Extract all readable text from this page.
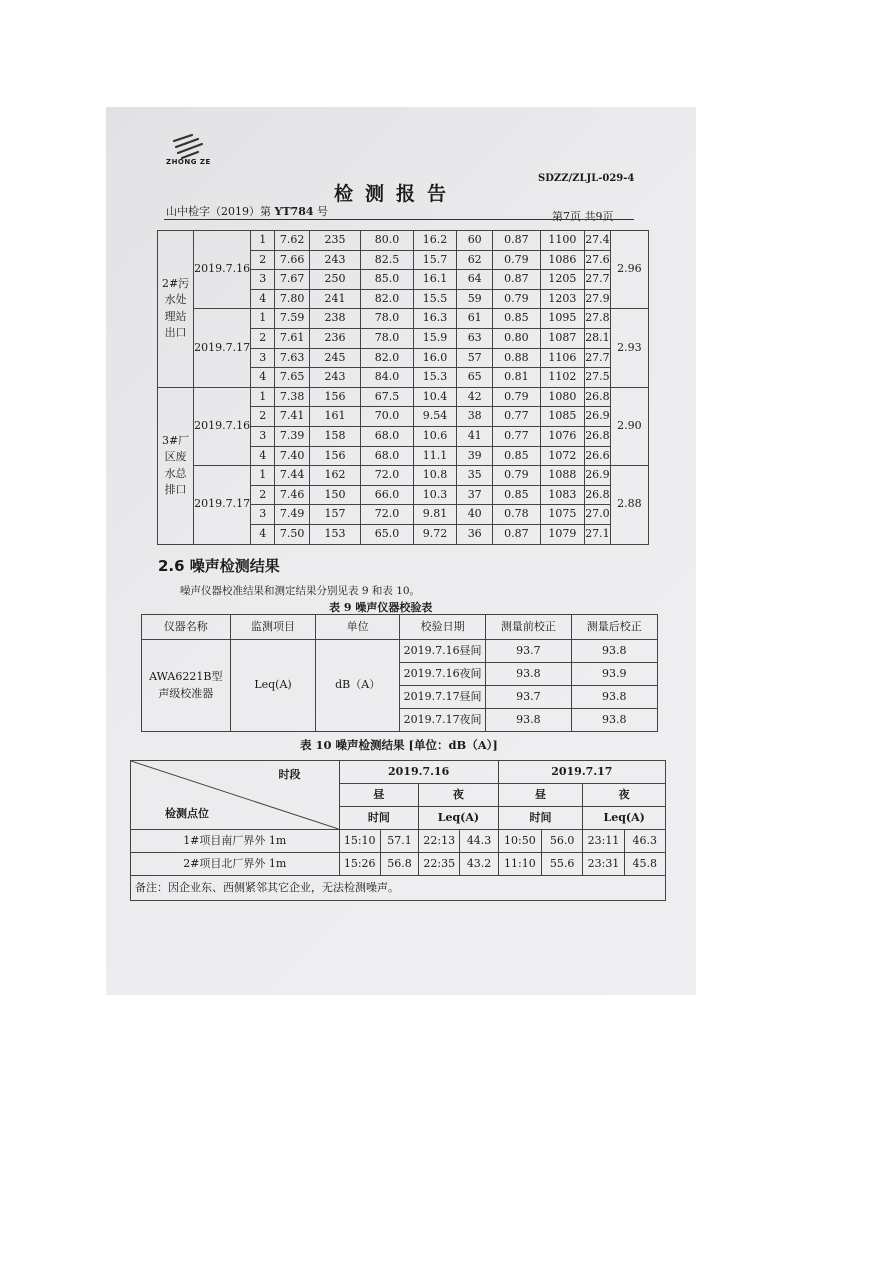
ZHONG ZE
SDZZ/ZLJL-029-4
检测报告
山中检字（2019）第 YT784 号	第7页 共9页
2#污水处理站出口	2019.7.16	1	7.62	235	80.0	16.2	60	0.87	1100	27.4	2.96
		2	7.66	243	82.5	15.7	62	0.79	1086	27.6	
		3	7.67	250	85.0	16.1	64	0.87	1205	27.7	
		4	7.80	241	82.0	15.5	59	0.79	1203	27.9	
	2019.7.17	1	7.59	238	78.0	16.3	61	0.85	1095	27.8	2.93
		2	7.61	236	78.0	15.9	63	0.80	1087	28.1	
		3	7.63	245	82.0	16.0	57	0.88	1106	27.7	
		4	7.65	243	84.0	15.3	65	0.81	1102	27.5	
3#厂区废水总排口	2019.7.16	1	7.38	156	67.5	10.4	42	0.79	1080	26.8	2.90
		2	7.41	161	70.0	9.54	38	0.77	1085	26.9	
		3	7.39	158	68.0	10.6	41	0.77	1076	26.8	
		4	7.40	156	68.0	11.1	39	0.85	1072	26.6	
	2019.7.17	1	7.44	162	72.0	10.8	35	0.79	1088	26.9	2.88
		2	7.46	150	66.0	10.3	37	0.85	1083	26.8	
		3	7.49	157	72.0	9.81	40	0.78	1075	27.0	
		4	7.50	153	65.0	9.72	36	0.87	1079	27.1	
2.6 噪声检测结果
噪声仪器校准结果和测定结果分别见表 9 和表 10。
表 9 噪声仪器校验表
仪器名称	监测项目	单位	校验日期	测量前校正	测量后校正
AWA6221B型声级校准器	Leq(A)	dB（A）	2019.7.16昼间	93.7	93.8
			2019.7.16夜间	93.8	93.9
			2019.7.17昼间	93.7	93.8
			2019.7.17夜间	93.8	93.8
表 10 噪声检测结果 [单位：dB（A）]
时段
检测点位	2019.7.16				2019.7.17			
	昼		夜		昼		夜	
	时间		Leq(A)		时间		Leq(A)	
1#项目南厂界外 1m	15:10	57.1	22:13	44.3	10:50	56.0	23:11	46.3
2#项目北厂界外 1m	15:26	56.8	22:35	43.2	11:10	55.6	23:31	45.8
备注：因企业东、西侧紧邻其它企业，无法检测噪声。								
